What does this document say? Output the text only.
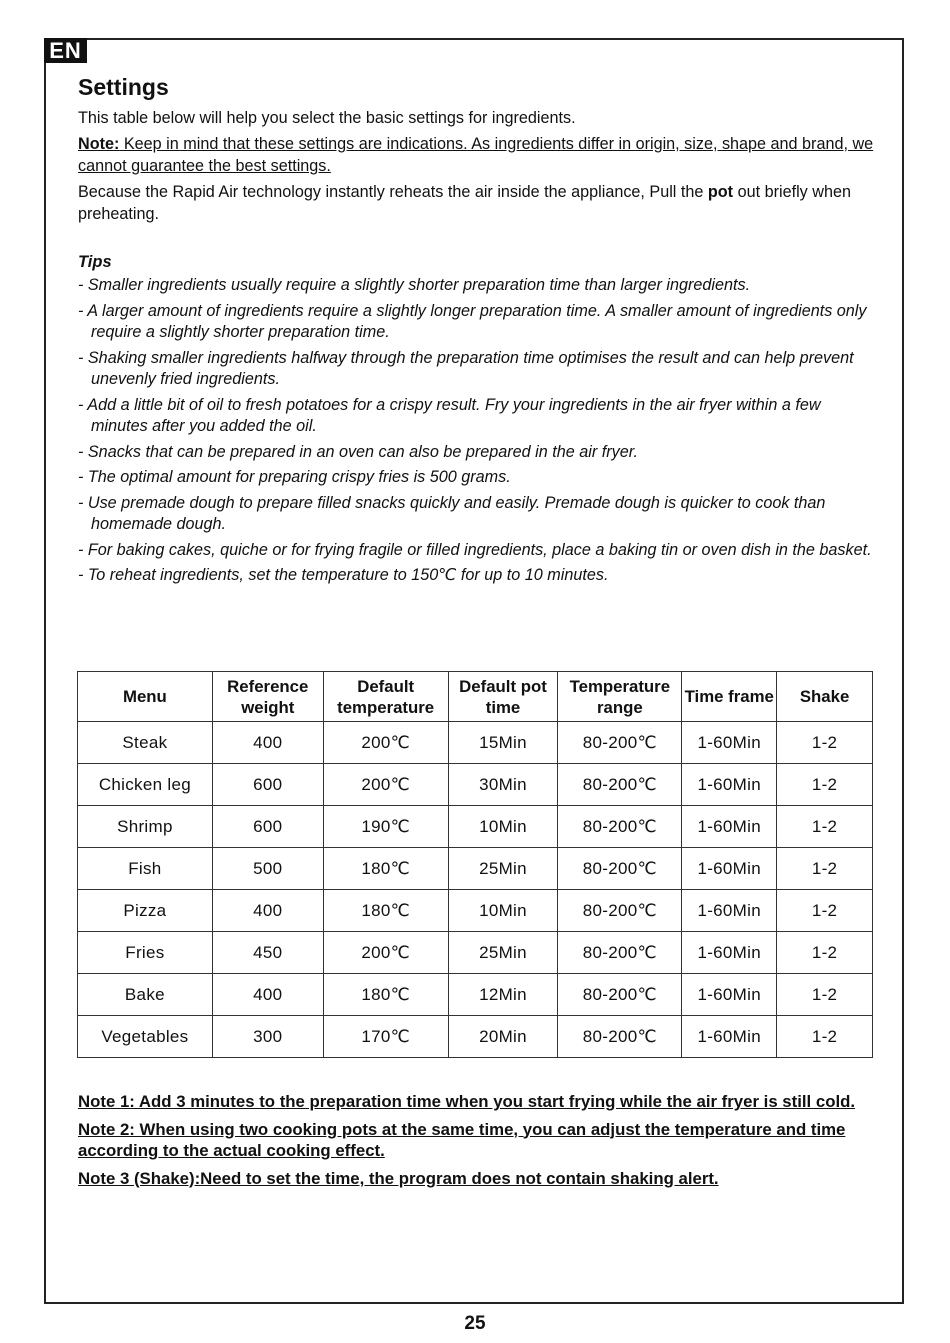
EN
Settings

This table below will help you select the basic settings for ingredients.

Note: Keep in mind that these settings are indications. As ingredients differ in origin, size, shape and brand, we cannot guarantee the best settings.

Because the Rapid Air technology instantly reheats the air inside the appliance, Pull the pot out briefly when preheating.

Tips
- Smaller ingredients usually require a slightly shorter preparation time than larger ingredients.
- A larger amount of ingredients require a slightly longer preparation time. A smaller amount of ingredients only require a slightly shorter preparation time.
- Shaking smaller ingredients halfway through the preparation time optimises the result and can help prevent unevenly fried ingredients.
- Add a little bit of oil to fresh potatoes for a crispy result. Fry your ingredients in the air fryer within a few minutes after you added the oil.
- Snacks that can be prepared in an oven can also be prepared in the air fryer.
- The optimal amount for preparing crispy fries is 500 grams.
- Use premade dough to prepare filled snacks quickly and easily. Premade dough is quicker to cook than homemade dough.
- For baking cakes, quiche or for frying fragile or filled ingredients, place a baking tin or oven dish in the basket.
- To reheat ingredients, set the temperature to 150℃ for up to 10 minutes.
Menu	Reference weight	Default temperature	Default pot time	Temperature range	Time frame	Shake
Steak	400	200℃	15Min	80-200℃	1-60Min	1-2
Chicken leg	600	200℃	30Min	80-200℃	1-60Min	1-2
Shrimp	600	190℃	10Min	80-200℃	1-60Min	1-2
Fish	500	180℃	25Min	80-200℃	1-60Min	1-2
Pizza	400	180℃	10Min	80-200℃	1-60Min	1-2
Fries	450	200℃	25Min	80-200℃	1-60Min	1-2
Bake	400	180℃	12Min	80-200℃	1-60Min	1-2
Vegetables	300	170℃	20Min	80-200℃	1-60Min	1-2

Note 1: Add 3 minutes to the preparation time when you start frying while the air fryer is still cold.

Note 2: When using two cooking pots at the same time, you can adjust the temperature and time according to the actual cooking effect.

Note 3 (Shake):Need to set the time, the program does not contain shaking alert.

25
